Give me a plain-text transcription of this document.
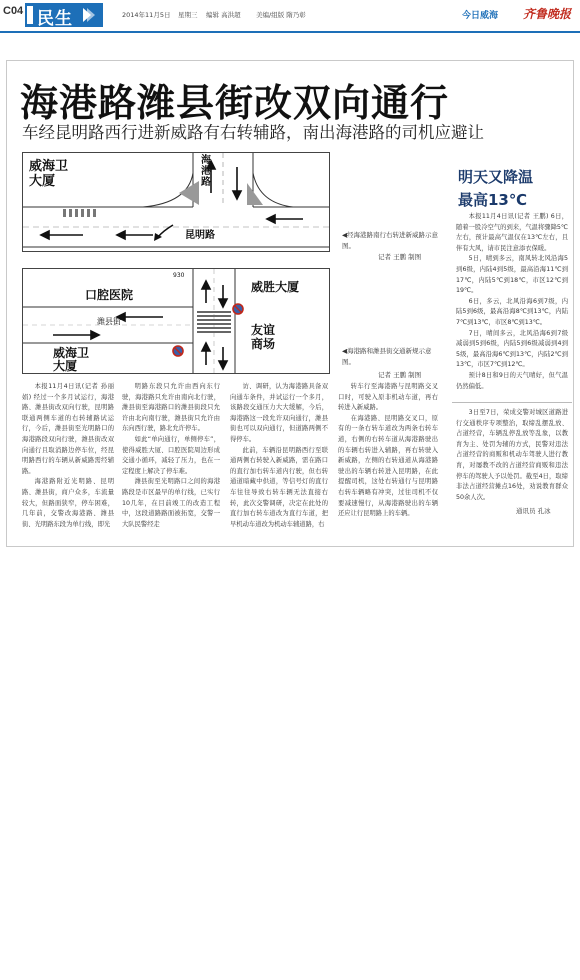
C04 民生	2014年11月5日 星期三 编辑 高洪超 美编/组版 隋乃彰	今日威海 齐鲁晚报
海港路潍县街改双向通行
车经昆明路西行进新威路有右转辅路，南出海港路的司机应避让
威海卫
大厦
海港路
昆明路	◀经海港路南行右转进新威路示意图。
记者 王鹏 制图
口腔医院
潍县街
威胜大厦
威海卫
大厦
友谊
商场
930
◀海港路和潍县街交通新规示意图。
记者 王鹏 制图
本报11月4日讯(记者 孙丽娟) 经过一个多月试运行，海港路、潍县街改双向行驶，昆明路联通两侧车道的右转辅路试运行，今后，潍县街至光明路口的海港路段双向行驶，潍县街改双向通行且取消路边停车位，经昆明路西行的车辆从新威路需经辅路。
海港路附近光明路、昆明路、潍县街，商户众多，车流量较大，但路面狭窄，停车困难，几年前，交警改海港路、潍县街、光明路东段为单行线，即光
明路东段只允许由西向东行驶，海港路只允许由南向北行驶，潍县街至海港路口的潍县街段只允许由北向南行驶，潍县街只允许由东向西行驶，路北允许停车。
如此“单向通行，单侧停车”，使得威胜大厦、口腔医院周边形成交通小循环，减轻了压力，也在一定程度上解决了停车难。
潍县街至光明路口之间的海港路段是市区最早的单行线，已实行10几年，在目前竣工的改造工程中，这段道路路面被拓宽，交警一大队民警经走
访、调研，认为海港路具备双向通车条件，并试运行一个多月，该路段交通压力大大缓解，今后，海港路这一段允许双向通行，潍县街也可以双向通行，但道路两侧不得停车。
此前，车辆沿昆明路西行至联通两侧右转驶入新威路，需在路口的直行加右转车道内行驶，但右转通道暗藏中供道，等信号灯的直行车往往导致右转车辆无法直接右转，此次交警调研，决定在此处的直行加右转车道改为直行车道，把早机动车道改为机动车辅道路，右
转车行至海港路与昆明路交叉口时，可驶入原非机动车道，再右转进入新威路。
在海港路、昆明路交叉口，原有的一条右转车道改为两条右转车道，右侧的右转车道从海港路驶出的车辆右转进入辅路，再右转驶入新威路，左侧的右转通道从海港路驶出的车辆右转进入昆明路，在此提醒司机，这处右转通行与昆明路右转车辆略有冲突，过往司机不仅要减速慢行，从海港路驶出的车辆还应让行昆明路上的车辆。
明天又降温
最高13℃
本报11月4日讯(记者 王鹏) 6日，随着一股冷空气的到来，气温将骤降5℃左右，预计最高气温仅在13℃左右，且伴有大风，请市民注意添衣保暖。
5日，晴到多云，南风转北风沿海5到6级，内陆4到5级，最高沿海11℃到17℃，内陆5℃到18℃，市区12℃到19℃。
6日，多云，北风沿海6到7级，内陆5到6级，最高沿海8℃到13℃，内陆7℃到13℃，市区8℃到13℃。
7日，晴间多云，北风沿海6到7级减弱到5到6级，内陆5到6级减弱到4到5级，最高沿海6℃到13℃，内陆2℃到13℃，市区7℃到12℃。
预计8日和9日的天气晴好，但气温仍然偏低。
3日至7日，荣成交警对城区道路进行交通秩序专项整治，取缔乱摆乱放、占道经营，车辆乱停乱放等乱象，以教育为主、处罚为辅的方式，民警对违法占道经营的商贩和机动车驾驶人进行教育，对屡教不改的占道经营商贩和违法停车的驾驶人予以处罚。截至4日，取缔非法占道经营摊点16处，劝说教育群众50余人次。
通讯员 孔冰
